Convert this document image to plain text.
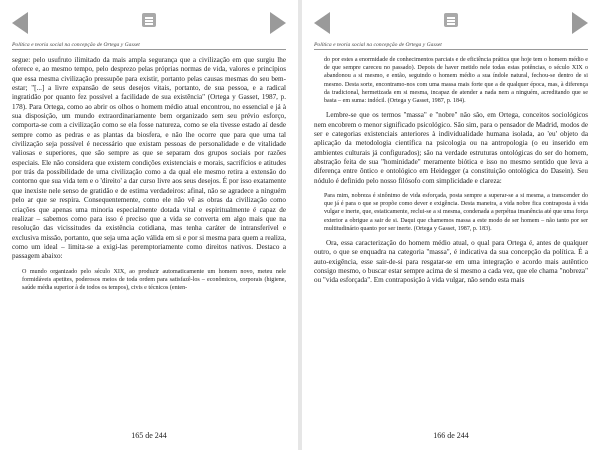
Política e teoria social na concepção de Ortega y Gasset

segue: pelo usufruto ilimitado da mais ampla segurança que a civilização em que surgiu lhe oferece e, ao mesmo tempo, pelo desprezo pelas próprias normas de vida, valores e princípios que essa mesma civilização pressupõe para existir, portanto pelas causas mesmas do seu bem-estar; "[...] a livre expansão de seus desejos vitais, portanto, de sua pessoa, e a radical ingratidão por quanto fez possível a facilidade de sua existência" (Ortega y Gasset, 1987, p. 178). Para Ortega, como ao abrir os olhos o homem médio atual encontrou, no essencial e já à sua disposição, um mundo extraordinariamente bem organizado sem seu prévio esforço, comporta-se com a civilização como se ela fosse natureza, como se ela tivesse estado aí desde sempre como as pedras e as plantas da biosfera, e não lhe ocorre que para que uma tal civilização seja possível é necessário que existam pessoas de personalidade e de vitalidade valiosas e superiores, que são sempre as que se separam dos grupos sociais por razões especiais. Ele não considera que existem condições existenciais e morais, sacrifícios e atitudes por trás da possibilidade de uma civilização como a da qual ele mesmo retira a extensão do contorno que sua vida tem e o 'direito' a dar curso livre aos seus desejos. É por isso exatamente que inexiste nele senso de gratidão e de estima verdadeiros: afinal, não se agradece a ninguém pelo ar que se respira. Consequentemente, como ele não vê as obras da civilização como criações que apenas uma minoria especialmente dotada vital e espiritualmente é capaz de realizar – sabemos como para isso é preciso que a vida se converta em algo mais que na resolução das vicissitudes da existência cotidiana, mas tenha caráter de intransferível e exclusiva missão, portanto, que seja uma ação válida em si e por si mesma para quem a realiza, como um ideal – limita-se a exigi-las peremptoriamente como direitos nativos. Destaco a passagem abaixo:

O mundo organizado pelo século XIX, ao produzir automaticamente um homem novo, meteu nele formidáveis apetites, poderosos meios de toda ordem para satisfazê-los – econômicos, corporais (higiene, saúde média superior à de todos os tempos), civis e técnicos (enten-

165 de 244
Política e teoria social na concepção de Ortega y Gasset

do por estes a enormidade de conhecimentos parciais e de eficiência prática que hoje tem o homem médio e de que sempre careceu no passado). Depois de haver metido nele todas estas potências, o século XIX o abandonou a si mesmo, e então, seguindo o homem médio a sua índole natural, fechou-se dentro de si mesmo. Desta sorte, encontramo-nos com uma massa mais forte que a de qualquer época, mas, à diferença da tradicional, hermetizada em si mesma, incapaz de atender a nada nem a ninguém, acreditando que se basta – em suma: indócil. (Ortega y Gasset, 1987, p. 184).

Lembre-se que os termos "massa" e "nobre" não são, em Ortega, conceitos sociológicos nem encobrem o menor significado psicológico. São sim, para o pensador de Madrid, modos de ser e categorias existenciais anteriores à individualidade humana isolada, ao 'eu' objeto da aplicação da metodologia científica na psicologia ou na antropologia (o eu inserido em ambientes culturais já configurados); são na verdade estruturas ontológicas do ser do homem, abstração feita de sua "hominidade" meramente biótica e isso no mesmo sentido que leva a diferença entre ôntico e ontológico em Heidegger (a constituição ontológica do Dasein). Seu nódulo é definido pelo nosso filósofo com simplicidade e clareza:

Para mim, nobreza é sinônimo de vida esforçada, posta sempre a superar-se a si mesma, a transcender do que já é para o que se propõe como dever e exigência. Desta maneira, a vida nobre fica contraposta à vida vulgar e inerte, que, estaticamente, reclui-se a si mesma, condenada a perpétua imanência até que uma força exterior a obrigue a sair de si. Daqui que chamemos massa a este modo de ser homem – não tanto por ser multitudinário quanto por ser inerte. (Ortega y Gasset, 1987, p. 183).

Ora, essa caracterização do homem médio atual, o qual para Ortega é, antes de qualquer outro, o que se enquadra na categoria "massa", é indicativa da sua concepção da política. É a auto-exigência, esse sair-de-si para resgatar-se em uma integração e acordo mais autêntico consigo mesmo, o buscar estar sempre acima de si mesmo a cada vez, que ele chama "nobreza" ou "vida esforçada". Em contraposição à vida vulgar, não sendo esta mais

166 de 244
